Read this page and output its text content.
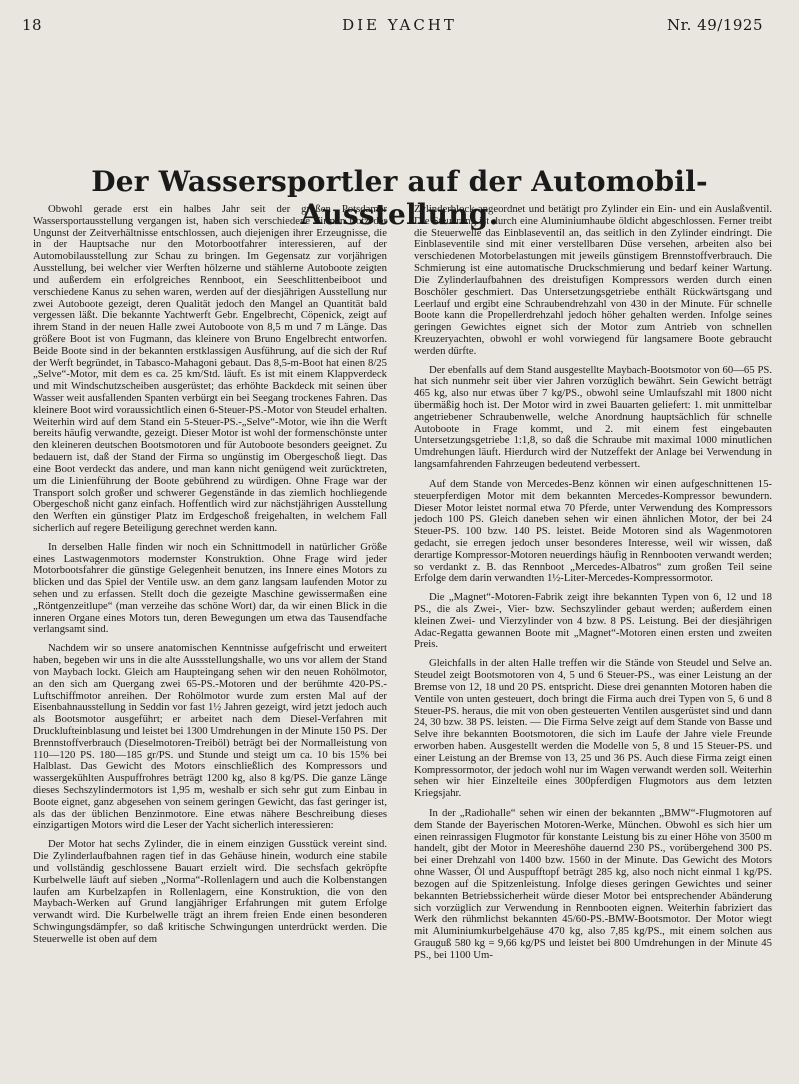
18	DIE YACHT	Nr. 49/1925
Der Wassersportler auf der Automobil-Ausstellung.

Obwohl gerade erst ein halbes Jahr seit der großen Potsdamer Wassersportausstellung vergangen ist, haben sich verschiedene Firmen trotz der Ungunst der Zeitverhältnisse entschlossen, auch diejenigen ihrer Erzeugnisse, die in der Hauptsache nur den Motorbootfahrer interessieren, auf der Automobilausstellung zur Schau zu bringen. Im Gegensatz zur vorjährigen Ausstellung, bei welcher vier Werften hölzerne und stählerne Autoboote zeigten und außerdem ein erfolgreiches Rennboot, ein Seeschlittenbeiboot und verschiedene Kanus zu sehen waren, werden auf der diesjährigen Ausstellung nur zwei Autoboote gezeigt, deren Qualität jedoch den Mangel an Quantität bald vergessen läßt. Die bekannte Yachtwerft Gebr. Engelbrecht, Cöpenick, zeigt auf ihrem Stand in der neuen Halle zwei Autoboote von 8,5 m und 7 m Länge. Das größere Boot ist von Fugmann, das kleinere von Bruno Engelbrecht entworfen. Beide Boote sind in der bekannten erstklassigen Ausführung, auf die sich der Ruf der Werft begründet, in Tabasco-Mahagoni gebaut. Das 8,5-m-Boot hat einen 8/25 „Selve“-Motor, mit dem es ca. 25 km/Std. läuft. Es ist mit einem Klappverdeck und mit Windschutzscheiben ausgerüstet; das erhöhte Backdeck mit seinen über Wasser weit ausfallenden Spanten verbürgt ein bei Seegang trockenes Fahren. Das kleinere Boot wird voraussichtlich einen 6-Steuer-PS.-Motor von Steudel erhalten. Weiterhin wird auf dem Stand ein 5-Steuer-PS.-„Selve“-Motor, wie ihn die Werft bereits häufig verwandte, gezeigt. Dieser Motor ist wohl der formenschönste unter den kleineren deutschen Bootsmotoren und für Autoboote besonders geeignet. Zu bedauern ist, daß der Stand der Firma so ungünstig im Obergeschoß liegt. Das eine Boot verdeckt das andere, und man kann nicht genügend weit zurücktreten, um die Linienführung der Boote gebührend zu würdigen. Ohne Frage war der Transport solch großer und schwerer Gegenstände in das ziemlich hochliegende Obergeschoß nicht ganz einfach. Hoffentlich wird zur nächstjährigen Ausstellung den Werften ein günstiger Platz im Erdgeschoß freigehalten, in welchem Fall sicherlich auf regere Beteiligung gerechnet werden kann.

In derselben Halle finden wir noch ein Schnittmodell in natürlicher Größe eines Lastwagenmotors modernster Konstruktion. Ohne Frage wird jeder Motorbootsfahrer die günstige Gelegenheit benutzen, ins Innere eines Motors zu blicken und das Spiel der Ventile usw. an dem ganz langsam laufenden Motor zu sehen und zu erfassen. Stellt doch die gezeigte Maschine gewissermaßen eine „Röntgenzeitlupe“ (man verzeihe das schöne Wort) dar, da wir einen Blick in die inneren Organe eines Motors tun, deren Bewegungen um etwa das Tausendfache verlangsamt sind.

Nachdem wir so unsere anatomischen Kenntnisse aufgefrischt und erweitert haben, begeben wir uns in die alte Aussstellungshalle, wo uns vor allem der Stand von Maybach lockt. Gleich am Haupteingang sehen wir den neuen Rohölmotor, an den sich am Quergang zwei 65-PS.-Motoren und der berühmte 420-PS.-Luftschiffmotor anreihen. Der Rohölmotor wurde zum ersten Mal auf der Eisenbahnausstellung in Seddin vor fast 1½ Jahren gezeigt, wird jetzt jedoch auch als Bootsmotor ausgeführt; er arbeitet nach dem Diesel-Verfahren mit Drucklufteinblasung und leistet bei 1300 Umdrehungen in der Minute 150 PS. Der Brennstoffverbrauch (Dieselmotoren-Treiböl) beträgt bei der Normalleistung von 110—120 PS. 180—185 gr/PS. und Stunde und steigt um ca. 10 bis 15% bei Halblast. Das Gewicht des Motors einschließlich des Kompressors und wassergekühlten Auspuffrohres beträgt 1200 kg, also 8 kg/PS. Die ganze Länge dieses Sechszylindermotors ist 1,95 m, weshalb er sich sehr gut zum Einbau in Boote eignet, ganz abgesehen von seinem geringen Gewicht, das fast geringer ist, als das der üblichen Benzinmotore. Eine etwas nähere Beschreibung dieses einzigartigen Motors wird die Leser der Yacht sicherlich interessieren:

Der Motor hat sechs Zylinder, die in einem einzigen Gusstück vereint sind. Die Zylinderlaufbahnen ragen tief in das Gehäuse hinein, wodurch eine stabile und vollständig geschlossene Bauart erzielt wird. Die sechsfach gekröpfte Kurbelwelle läuft auf sieben „Norma“-Rollenlagern und auch die Kolbenstangen laufen am Kurbelzapfen in Rollenlagern, eine Konstruktion, die von den Maybach-Werken auf Grund langjähriger Erfahrungen mit gutem Erfolge verwandt wird. Die Kurbelwelle trägt an ihrem freien Ende einen besonderen Schwingungsdämpfer, so daß kritische Schwingungen unterdrückt werden. Die Steuerwelle ist oben auf dem

Zylinderblock angeordnet und betätigt pro Zylinder ein Ein- und ein Auslaßventil. Die Steuerung ist durch eine Aluminiumhaube öldicht abgeschlossen. Ferner treibt die Steuerwelle das Einblaseventil an, das seitlich in den Zylinder eindringt. Die Einblaseventile sind mit einer verstellbaren Düse versehen, arbeiten also bei verschiedenen Motorbelastungen mit jeweils günstigem Brennstoffverbrauch. Die Schmierung ist eine automatische Druckschmierung und bedarf keiner Wartung. Die Zylinderlaufbahnen des dreistufigen Kompressors werden durch einen Boschöler geschmiert. Das Untersetzungsgetriebe enthält Rückwärtsgang und Leerlauf und ergibt eine Schraubendrehzahl von 430 in der Minute. Für schnelle Boote kann die Propellerdrehzahl jedoch höher gehalten werden. Infolge seines geringen Gewichtes eignet sich der Motor zum Antrieb von schnellen Kreuzeryachten, obwohl er wohl vorwiegend für langsamere Boote gebraucht werden dürfte.

Der ebenfalls auf dem Stand ausgestellte Maybach-Bootsmotor von 60—65 PS. hat sich nunmehr seit über vier Jahren vorzüglich bewährt. Sein Gewicht beträgt 465 kg, also nur etwas über 7 kg/PS., obwohl seine Umlaufszahl mit 1800 nicht übermäßig hoch ist. Der Motor wird in zwei Bauarten geliefert: 1. mit unmittelbar angetriebener Schraubenwelle, welche Anordnung hauptsächlich für schnelle Autoboote in Frage kommt, und 2. mit einem fest eingebauten Untersetzungsgetriebe 1:1,8, so daß die Schraube mit maximal 1000 minutlichen Umdrehungen läuft. Hierdurch wird der Nutzeffekt der Anlage bei Verwendung in langsamfahrenden Fahrzeugen bedeutend verbessert.

Auf dem Stande von Mercedes-Benz können wir einen aufgeschnittenen 15-steuerpferdigen Motor mit dem bekannten Mercedes-Kompressor bewundern. Dieser Motor leistet normal etwa 70 Pferde, unter Verwendung des Kompressors jedoch 100 PS. Gleich daneben sehen wir einen ähnlichen Motor, der bei 24 Steuer-PS. 100 bzw. 140 PS. leistet. Beide Motoren sind als Wagenmotoren gedacht, sie erregen jedoch unser besonderes Interesse, weil wir wissen, daß derartige Kompressor-Motoren neuerdings häufig in Rennbooten verwandt werden; so verdankt z. B. das Rennboot „Mercedes-Albatros“ zum großen Teil seine Erfolge dem darin verwandten 1½-Liter-Mercedes-Kompressormotor.

Die „Magnet“-Motoren-Fabrik zeigt ihre bekannten Typen von 6, 12 und 18 PS., die als Zwei-, Vier- bzw. Sechszylinder gebaut werden; außerdem einen kleinen Zwei- und Vierzylinder von 4 bzw. 8 PS. Leistung. Bei der diesjährigen Adac-Regatta gewannen Boote mit „Magnet“-Motoren einen ersten und zweiten Preis.

Gleichfalls in der alten Halle treffen wir die Stände von Steudel und Selve an. Steudel zeigt Bootsmotoren von 4, 5 und 6 Steuer-PS., was einer Leistung an der Bremse von 12, 18 und 20 PS. entspricht. Diese drei genannten Motoren haben die Ventile von unten gesteuert, doch bringt die Firma auch drei Typen von 5, 6 und 8 Steuer-PS. heraus, die mit von oben gesteuerten Ventilen ausgerüstet sind und dann 24, 30 bzw. 38 PS. leisten. — Die Firma Selve zeigt auf dem Stande von Basse und Selve ihre bekannten Bootsmotoren, die sich im Laufe der Jahre viele Freunde erworben haben. Ausgestellt werden die Modelle von 5, 8 und 15 Steuer-PS. und einer Leistung an der Bremse von 13, 25 und 36 PS. Auch diese Firma zeigt einen Kompressormotor, der jedoch wohl nur im Wagen verwandt werden soll. Weiterhin sehen wir hier Einzelteile eines 300pferdigen Flugmotors aus dem letzten Kriegsjahr.

In der „Radiohalle“ sehen wir einen der bekannten „BMW“-Flugmotoren auf dem Stande der Bayerischen Motoren-Werke, München. Obwohl es sich hier um einen reinrassigen Flugmotor für konstante Leistung bis zu einer Höhe von 3500 m handelt, gibt der Motor in Meereshöhe dauernd 230 PS., vorübergehend 300 PS. bei einer Drehzahl von 1400 bzw. 1560 in der Minute. Das Gewicht des Motors ohne Wasser, Öl und Auspufftopf beträgt 285 kg, also noch nicht einmal 1 kg/PS. bezogen auf die Spitzenleistung. Infolge dieses geringen Gewichtes und seiner bekannten Betriebssicherheit würde dieser Motor bei entsprechender Abänderung sich vorzüglich zur Verwendung in Rennbooten eignen. Weiterhin fabriziert das Werk den rühmlichst bekannten 45/60-PS.-BMW-Bootsmotor. Der Motor wiegt mit Aluminiumkurbelgehäuse 470 kg, also 7,85 kg/PS., mit einem solchen aus Grauguß 580 kg = 9,66 kg/PS und leistet bei 800 Umdrehungen in der Minute 45 PS., bei 1100 Um-
